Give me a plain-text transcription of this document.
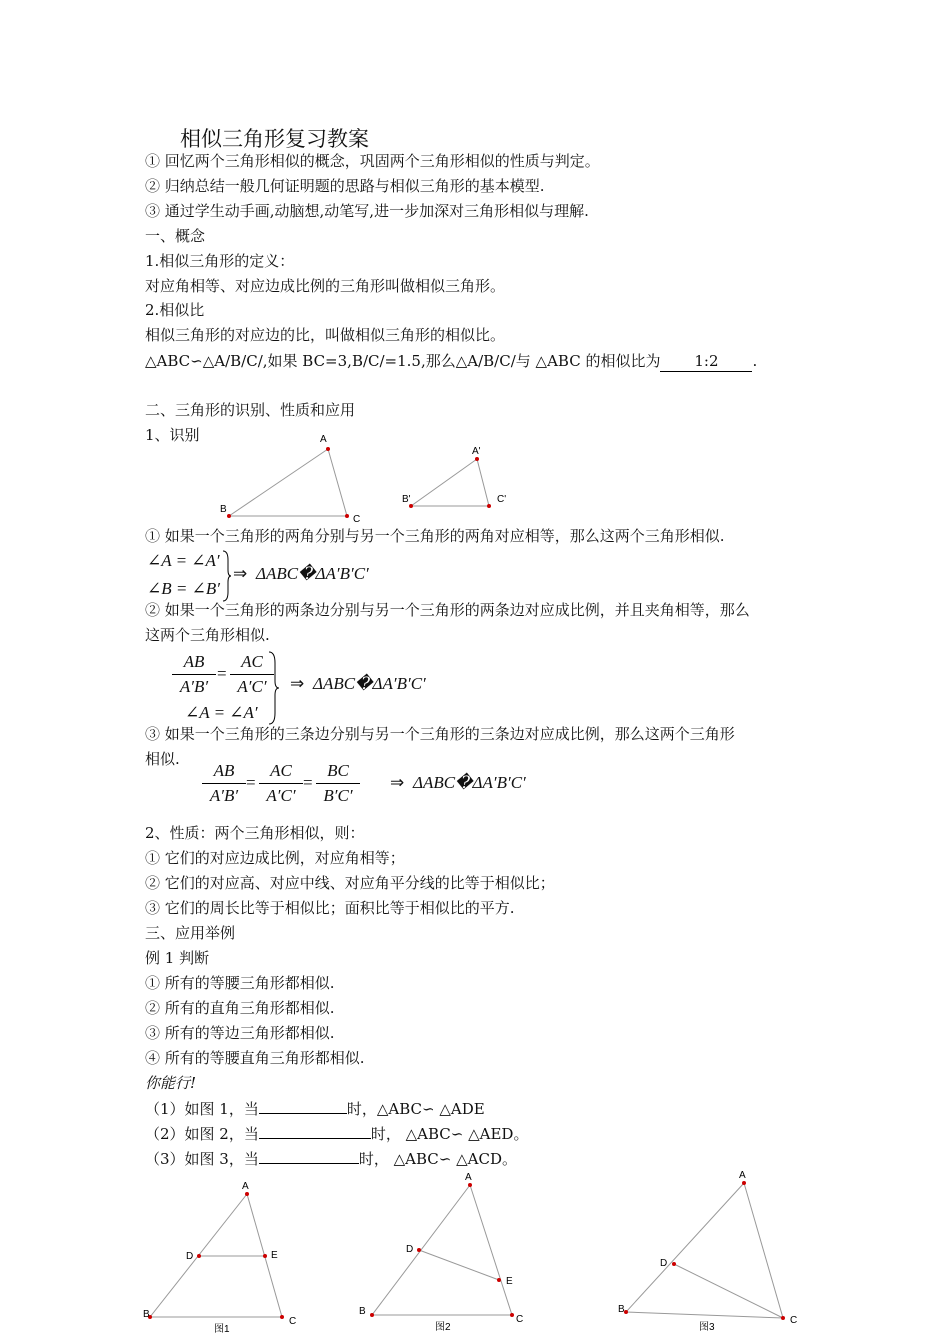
相似三角形复习教案
① 回忆两个三角形相似的概念，巩固两个三角形相似的性质与判定。
② 归纳总结一般几何证明题的思路与相似三角形的基本模型.
③ 通过学生动手画,动脑想,动笔写,进一步加深对三角形相似与理解.
一、概念
1.相似三角形的定义：
对应角相等、对应边成比例的三角形叫做相似三角形。
2.相似比
相似三角形的对应边的比，叫做相似三角形的相似比。
△ABC∽△A/B/C/,如果 BC=3,B/C/=1.5,那么△A/B/C/与 △ABC 的相似比为 1:2 .
二、三角形的识别、性质和应用
1、识别	A
B
C
A'
B'	C'
① 如果一个三角形的两角分别与另一个三角形的两角对应相等，那么这两个三角形相似.
∠A = ∠A′
∠B = ∠B′
⇒ ΔABC�ΔA′B′C′
② 如果一个三角形的两条边分别与另一个三角形的两条边对应成比例，并且夹角相等，那么
这两个三角形相似.
$\frac{AB}{A'B'} = \frac{AC}{A'C'}$
∠A = ∠A′
⇒ ΔABC�ΔA′B′C′
③ 如果一个三角形的三条边分别与另一个三角形的三条边对应成比例，那么这两个三角形
相似.
$\frac{AB}{A'B'} = \frac{AC}{A'C'} = \frac{BC}{B'C'}$ ⇒ ΔABC�ΔA′B′C′
2、性质：两个三角形相似，则：
① 它们的对应边成比例，对应角相等；
② 它们的对应高、对应中线、对应角平分线的比等于相似比；
③ 它们的周长比等于相似比；面积比等于相似比的平方.
三、应用举例
例 1 判断
① 所有的等腰三角形都相似.
② 所有的直角三角形都相似.
③ 所有的等边三角形都相似.
④ 所有的等腰直角三角形都相似.
你能行!
（1）如图 1，当	时，△ABC∽ △ADE
（2）如图 2，当	时， △ABC∽ △AED。
（3）如图 3，当	时， △ABC∽ △ACD。
A
D	E
B
C
图1
A
D
E
B
C
图2
A
D
B
C
图3
